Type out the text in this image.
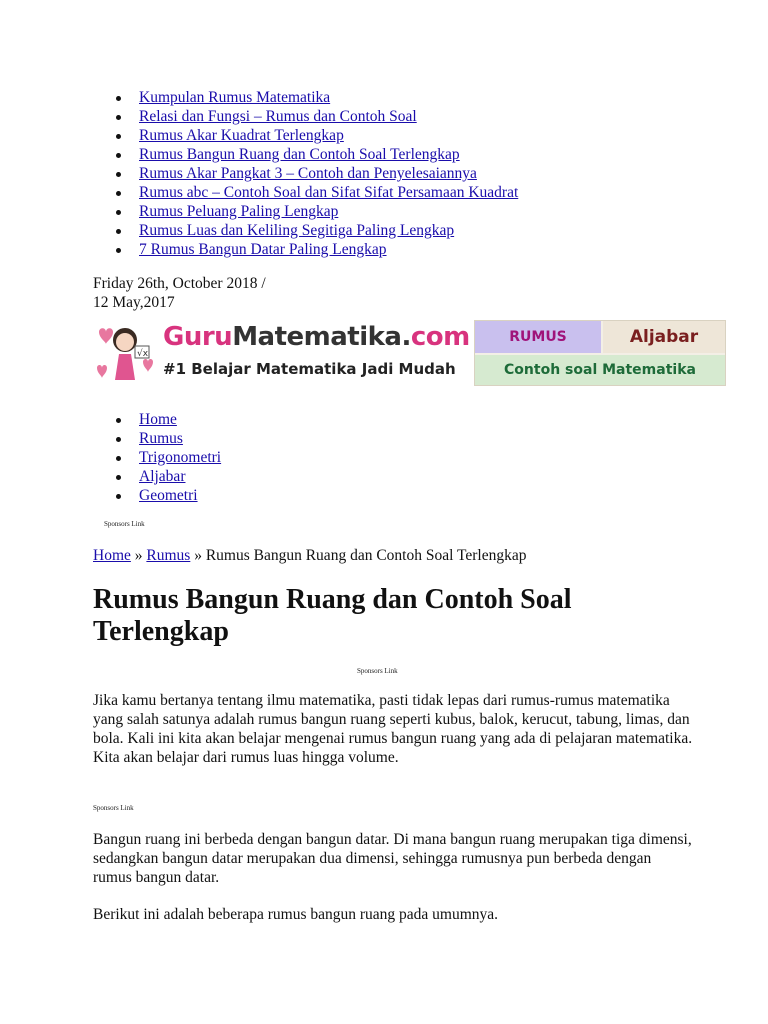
Kumpulan Rumus Matematika
Relasi dan Fungsi – Rumus dan Contoh Soal
Rumus Akar Kuadrat Terlengkap
Rumus Bangun Ruang dan Contoh Soal Terlengkap
Rumus Akar Pangkat 3 – Contoh dan Penyelesaiannya
Rumus abc – Contoh Soal dan Sifat Sifat Persamaan Kuadrat
Rumus Peluang Paling Lengkap
Rumus Luas dan Keliling Segitiga Paling Lengkap
7 Rumus Bangun Datar Paling Lengkap
Friday 26th, October 2018 /
12 May,2017
√x
GuruMatematika.com
#1 Belajar Matematika Jadi Mudah
RUMUS	Aljabar
Contoh soal Matematika
Home
Rumus
Trigonometri
Aljabar
Geometri
Sponsors Link
Home » Rumus » Rumus Bangun Ruang dan Contoh Soal Terlengkap
Rumus Bangun Ruang dan Contoh Soal Terlengkap
Sponsors Link

Jika kamu bertanya tentang ilmu matematika, pasti tidak lepas dari rumus-rumus matematika yang salah satunya adalah rumus bangun ruang seperti kubus, balok, kerucut, tabung, limas, dan bola. Kali ini kita akan belajar mengenai rumus bangun ruang yang ada di pelajaran matematika. Kita akan belajar dari rumus luas hingga volume.

Sponsors Link

Bangun ruang ini berbeda dengan bangun datar. Di mana bangun ruang merupakan tiga dimensi, sedangkan bangun datar merupakan dua dimensi, sehingga rumusnya pun berbeda dengan rumus bangun datar.

Berikut ini adalah beberapa rumus bangun ruang pada umumnya.
